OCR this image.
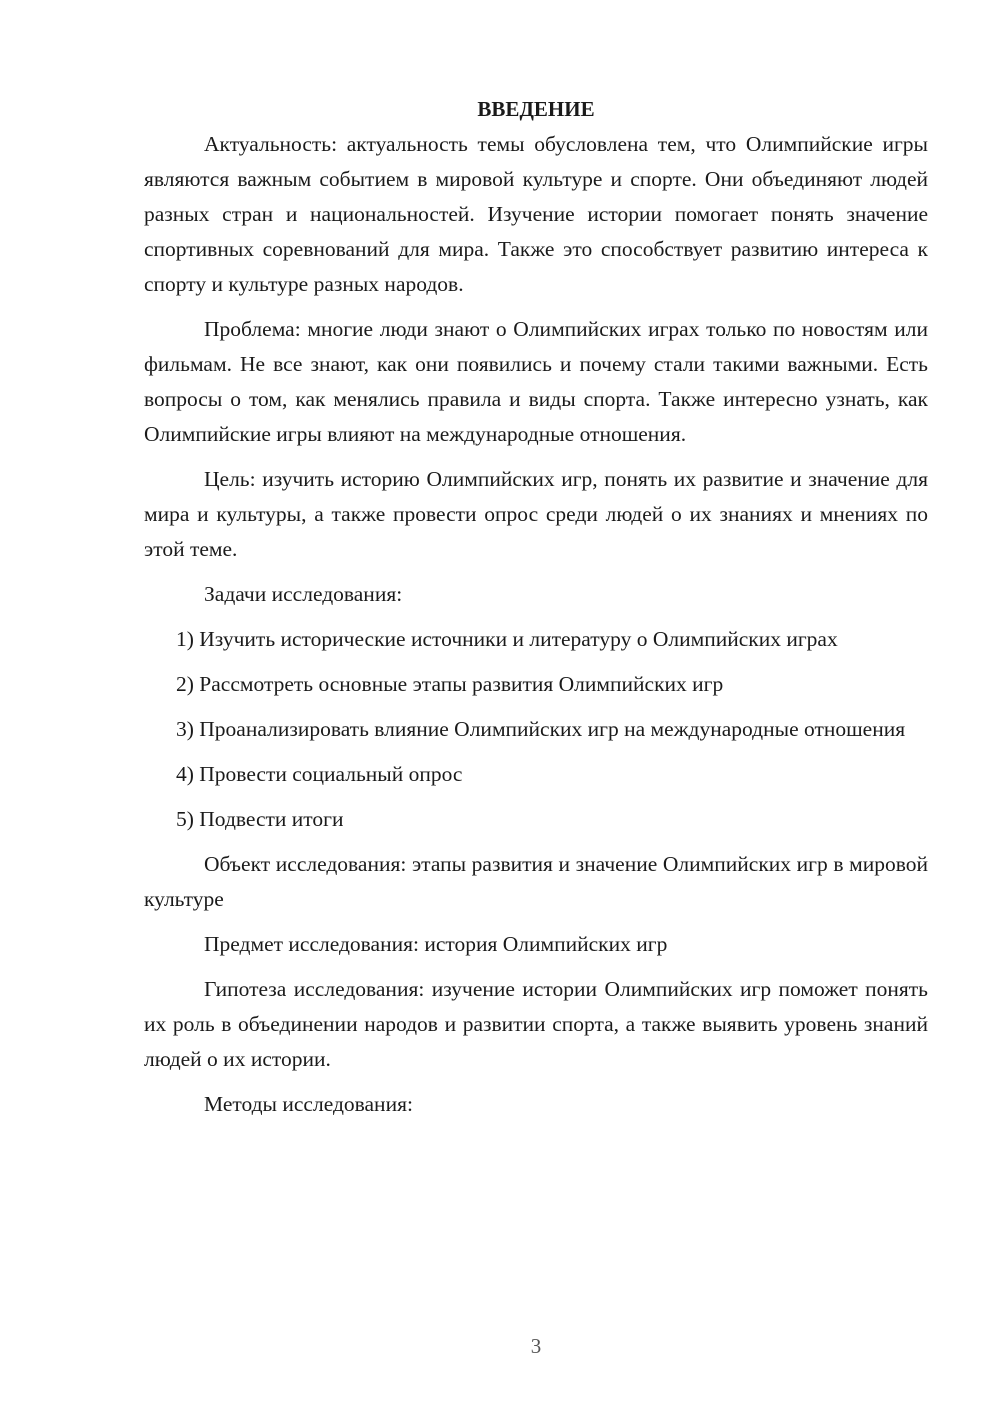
ВВЕДЕНИЕ

Актуальность: актуальность темы обусловлена тем, что Олимпийские игры являются важным событием в мировой культуре и спорте. Они объединяют людей разных стран и национальностей. Изучение истории помогает понять значение спортивных соревнований для мира. Также это способствует развитию интереса к спорту и культуре разных народов.

Проблема: многие люди знают о Олимпийских играх только по новостям или фильмам. Не все знают, как они появились и почему стали такими важными. Есть вопросы о том, как менялись правила и виды спорта. Также интересно узнать, как Олимпийские игры влияют на международные отношения.

Цель: изучить историю Олимпийских игр, понять их развитие и значение для мира и культуры, а также провести опрос среди людей о их знаниях и мнениях по этой теме.

Задачи исследования:

1) Изучить исторические источники и литературу о Олимпийских играх

2) Рассмотреть основные этапы развития Олимпийских игр

3) Проанализировать влияние Олимпийских игр на международные отношения

4) Провести социальный опрос

5) Подвести итоги

Объект исследования: этапы развития и значение Олимпийских игр в мировой культуре

Предмет исследования: история Олимпийских игр

Гипотеза исследования: изучение истории Олимпийских игр поможет понять их роль в объединении народов и развитии спорта, а также выявить уровень знаний людей о их истории.

Методы исследования:

3
